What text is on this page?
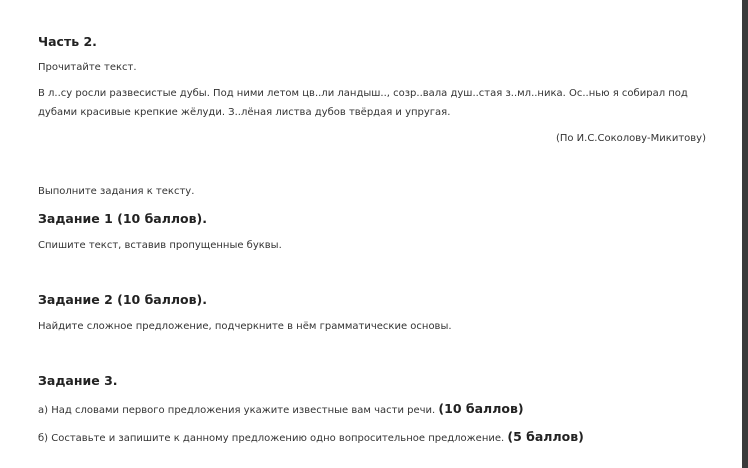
Часть 2.
Прочитайте текст.
В л..су росли развесистые дубы. Под ними летом цв..ли ландыш.., созр..вала душ..стая з..мл..ника. Ос..нью я собирал под дубами красивые крепкие жёлуди. З..лёная листва дубов твёрдая и упругая.
(По И.С.Соколову-Микитову)
Выполните задания к тексту.
Задание 1 (10 баллов).
Спишите текст, вставив пропущенные буквы.
Задание 2 (10 баллов).
Найдите сложное предложение, подчеркните в нём грамматические основы.
Задание 3.
а) Над словами первого предложения укажите известные вам части речи. (10 баллов)
б) Составьте и запишите к данному предложению одно вопросительное предложение. (5 баллов)
